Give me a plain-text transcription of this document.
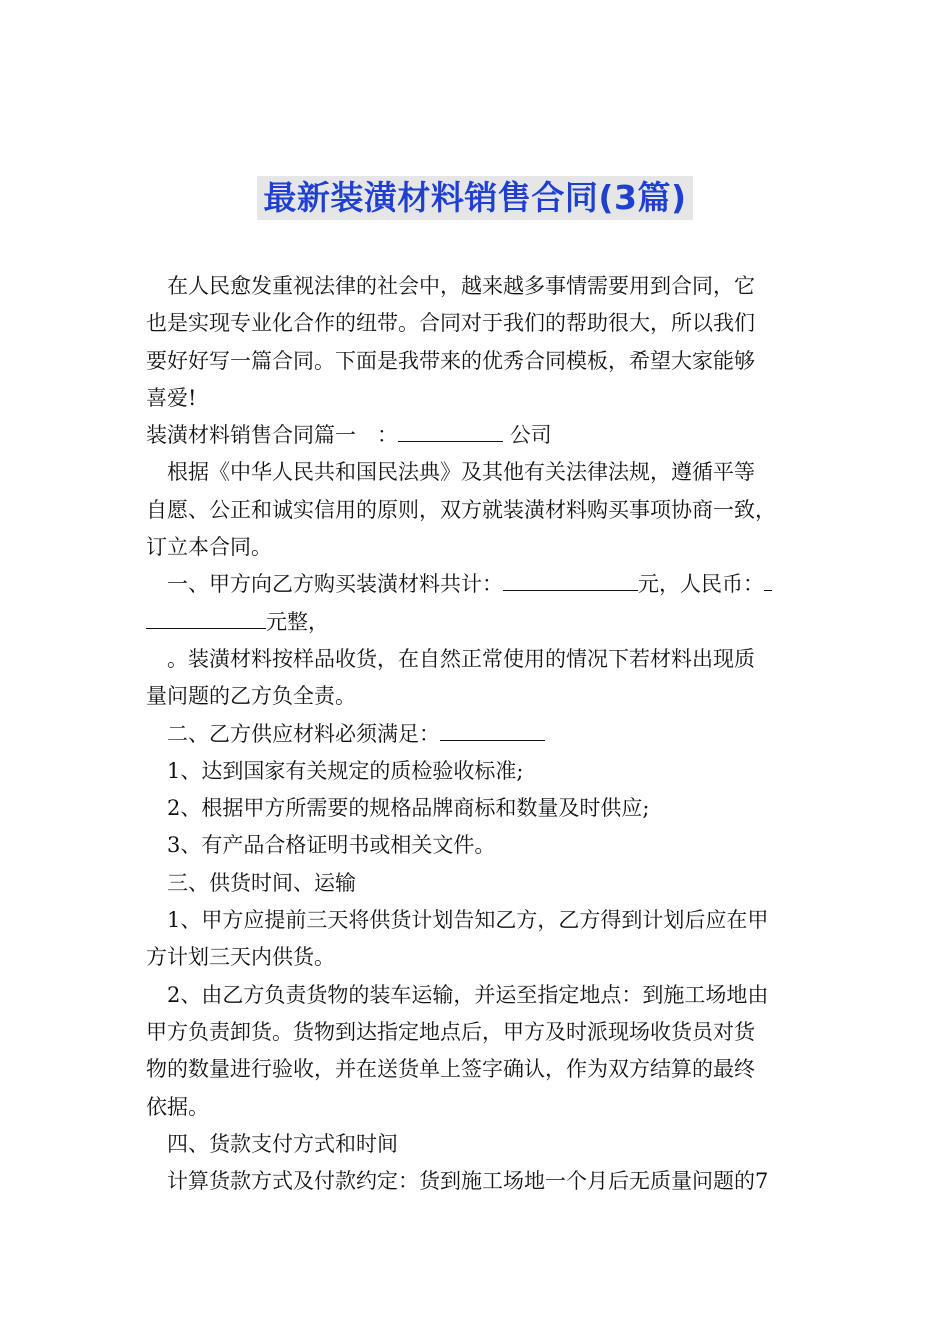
最新装潢材料销售合同(3篇)

在人民愈发重视法律的社会中，越来越多事情需要用到合同，它

也是实现专业化合作的纽带。合同对于我们的帮助很大，所以我们

要好好写一篇合同。下面是我带来的优秀合同模板，希望大家能够

喜爱!

装潢材料销售合同篇一　：	公司

根据《中华人民共和国民法典》及其他有关法律法规，遵循平等

自愿、公正和诚实信用的原则，双方就装潢材料购买事项协商一致，

订立本合同。

一、甲方向乙方购买装潢材料共计：	元，人民币：

元整，

。装潢材料按样品收货，在自然正常使用的情况下若材料出现质

量问题的乙方负全责。

二、乙方供应材料必须满足：

1、达到国家有关规定的质检验收标准;

2、根据甲方所需要的规格品牌商标和数量及时供应;

3、有产品合格证明书或相关文件。

三、供货时间、运输

1、甲方应提前三天将供货计划告知乙方，乙方得到计划后应在甲

方计划三天内供货。

2、由乙方负责货物的装车运输，并运至指定地点：到施工场地由

甲方负责卸货。货物到达指定地点后，甲方及时派现场收货员对货

物的数量进行验收，并在送货单上签字确认，作为双方结算的最终

依据。

四、货款支付方式和时间

计算货款方式及付款约定：货到施工场地一个月后无质量问题的7
